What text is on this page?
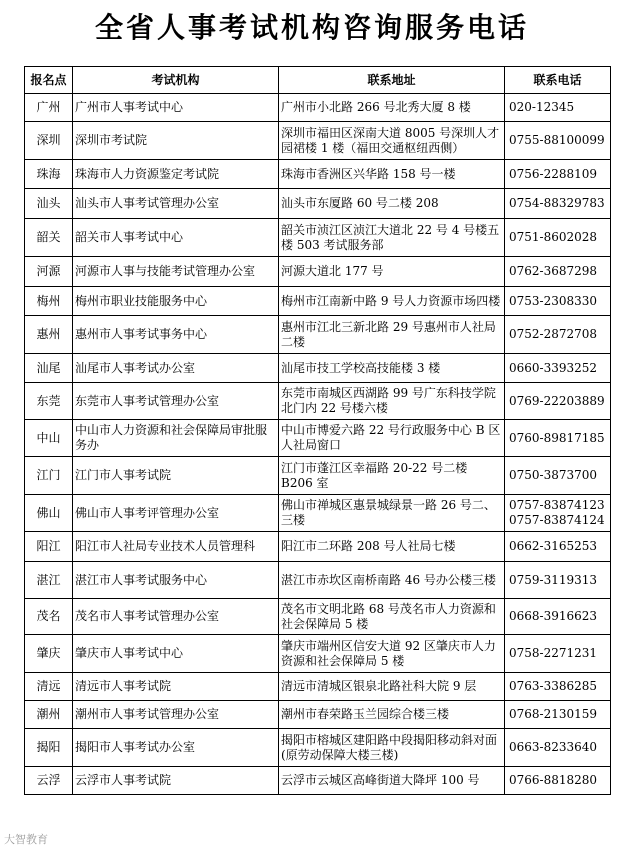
全省人事考试机构咨询服务电话
报名点	考试机构	联系地址	联系电话
广州	广州市人事考试中心	广州市小北路 266 号北秀大厦 8 楼	020-12345
深圳	深圳市考试院	深圳市福田区深南大道 8005 号深圳人才园裙楼 1 楼（福田交通枢纽西侧）	0755-88100099
珠海	珠海市人力资源鉴定考试院	珠海市香洲区兴华路 158 号一楼	0756-2288109
汕头	汕头市人事考试管理办公室	汕头市东厦路 60 号二楼 208	0754-88329783
韶关	韶关市人事考试中心	韶关市浈江区浈江大道北 22 号 4 号楼五楼 503 考试服务部	0751-8602028
河源	河源市人事与技能考试管理办公室	河源大道北 177 号	0762-3687298
梅州	梅州市职业技能服务中心	梅州市江南新中路 9 号人力资源市场四楼	0753-2308330
惠州	惠州市人事考试事务中心	惠州市江北三新北路 29 号惠州市人社局二楼	0752-2872708
汕尾	汕尾市人事考试办公室	汕尾市技工学校高技能楼 3 楼	0660-3393252
东莞	东莞市人事考试管理办公室	东莞市南城区西湖路 99 号广东科技学院北门内 22 号楼六楼	0769-22203889
中山	中山市人力资源和社会保障局审批服务办	中山市博爱六路 22 号行政服务中心 B 区人社局窗口	0760-89817185
江门	江门市人事考试院	江门市蓬江区幸福路 20-22 号二楼 B206 室	0750-3873700
佛山	佛山市人事考评管理办公室	佛山市禅城区惠景城绿景一路 26 号二、三楼	0757-83874123
0757-83874124
阳江	阳江市人社局专业技术人员管理科	阳江市二环路 208 号人社局七楼	0662-3165253
湛江	湛江市人事考试服务中心	湛江市赤坎区南桥南路 46 号办公楼三楼	0759-3119313
茂名	茂名市人事考试管理办公室	茂名市文明北路 68 号茂名市人力资源和社会保障局 5 楼	0668-3916623
肇庆	肇庆市人事考试中心	肇庆市端州区信安大道 92 区肇庆市人力资源和社会保障局 5 楼	0758-2271231
清远	清远市人事考试院	清远市清城区银泉北路社科大院 9 层	0763-3386285
潮州	潮州市人事考试管理办公室	潮州市春荣路玉兰园综合楼三楼	0768-2130159
揭阳	揭阳市人事考试办公室	揭阳市榕城区建阳路中段揭阳移动斜对面(原劳动保障大楼三楼)	0663-8233640
云浮	云浮市人事考试院	云浮市云城区高峰街道大降坪 100 号	0766-8818280
大智教育
